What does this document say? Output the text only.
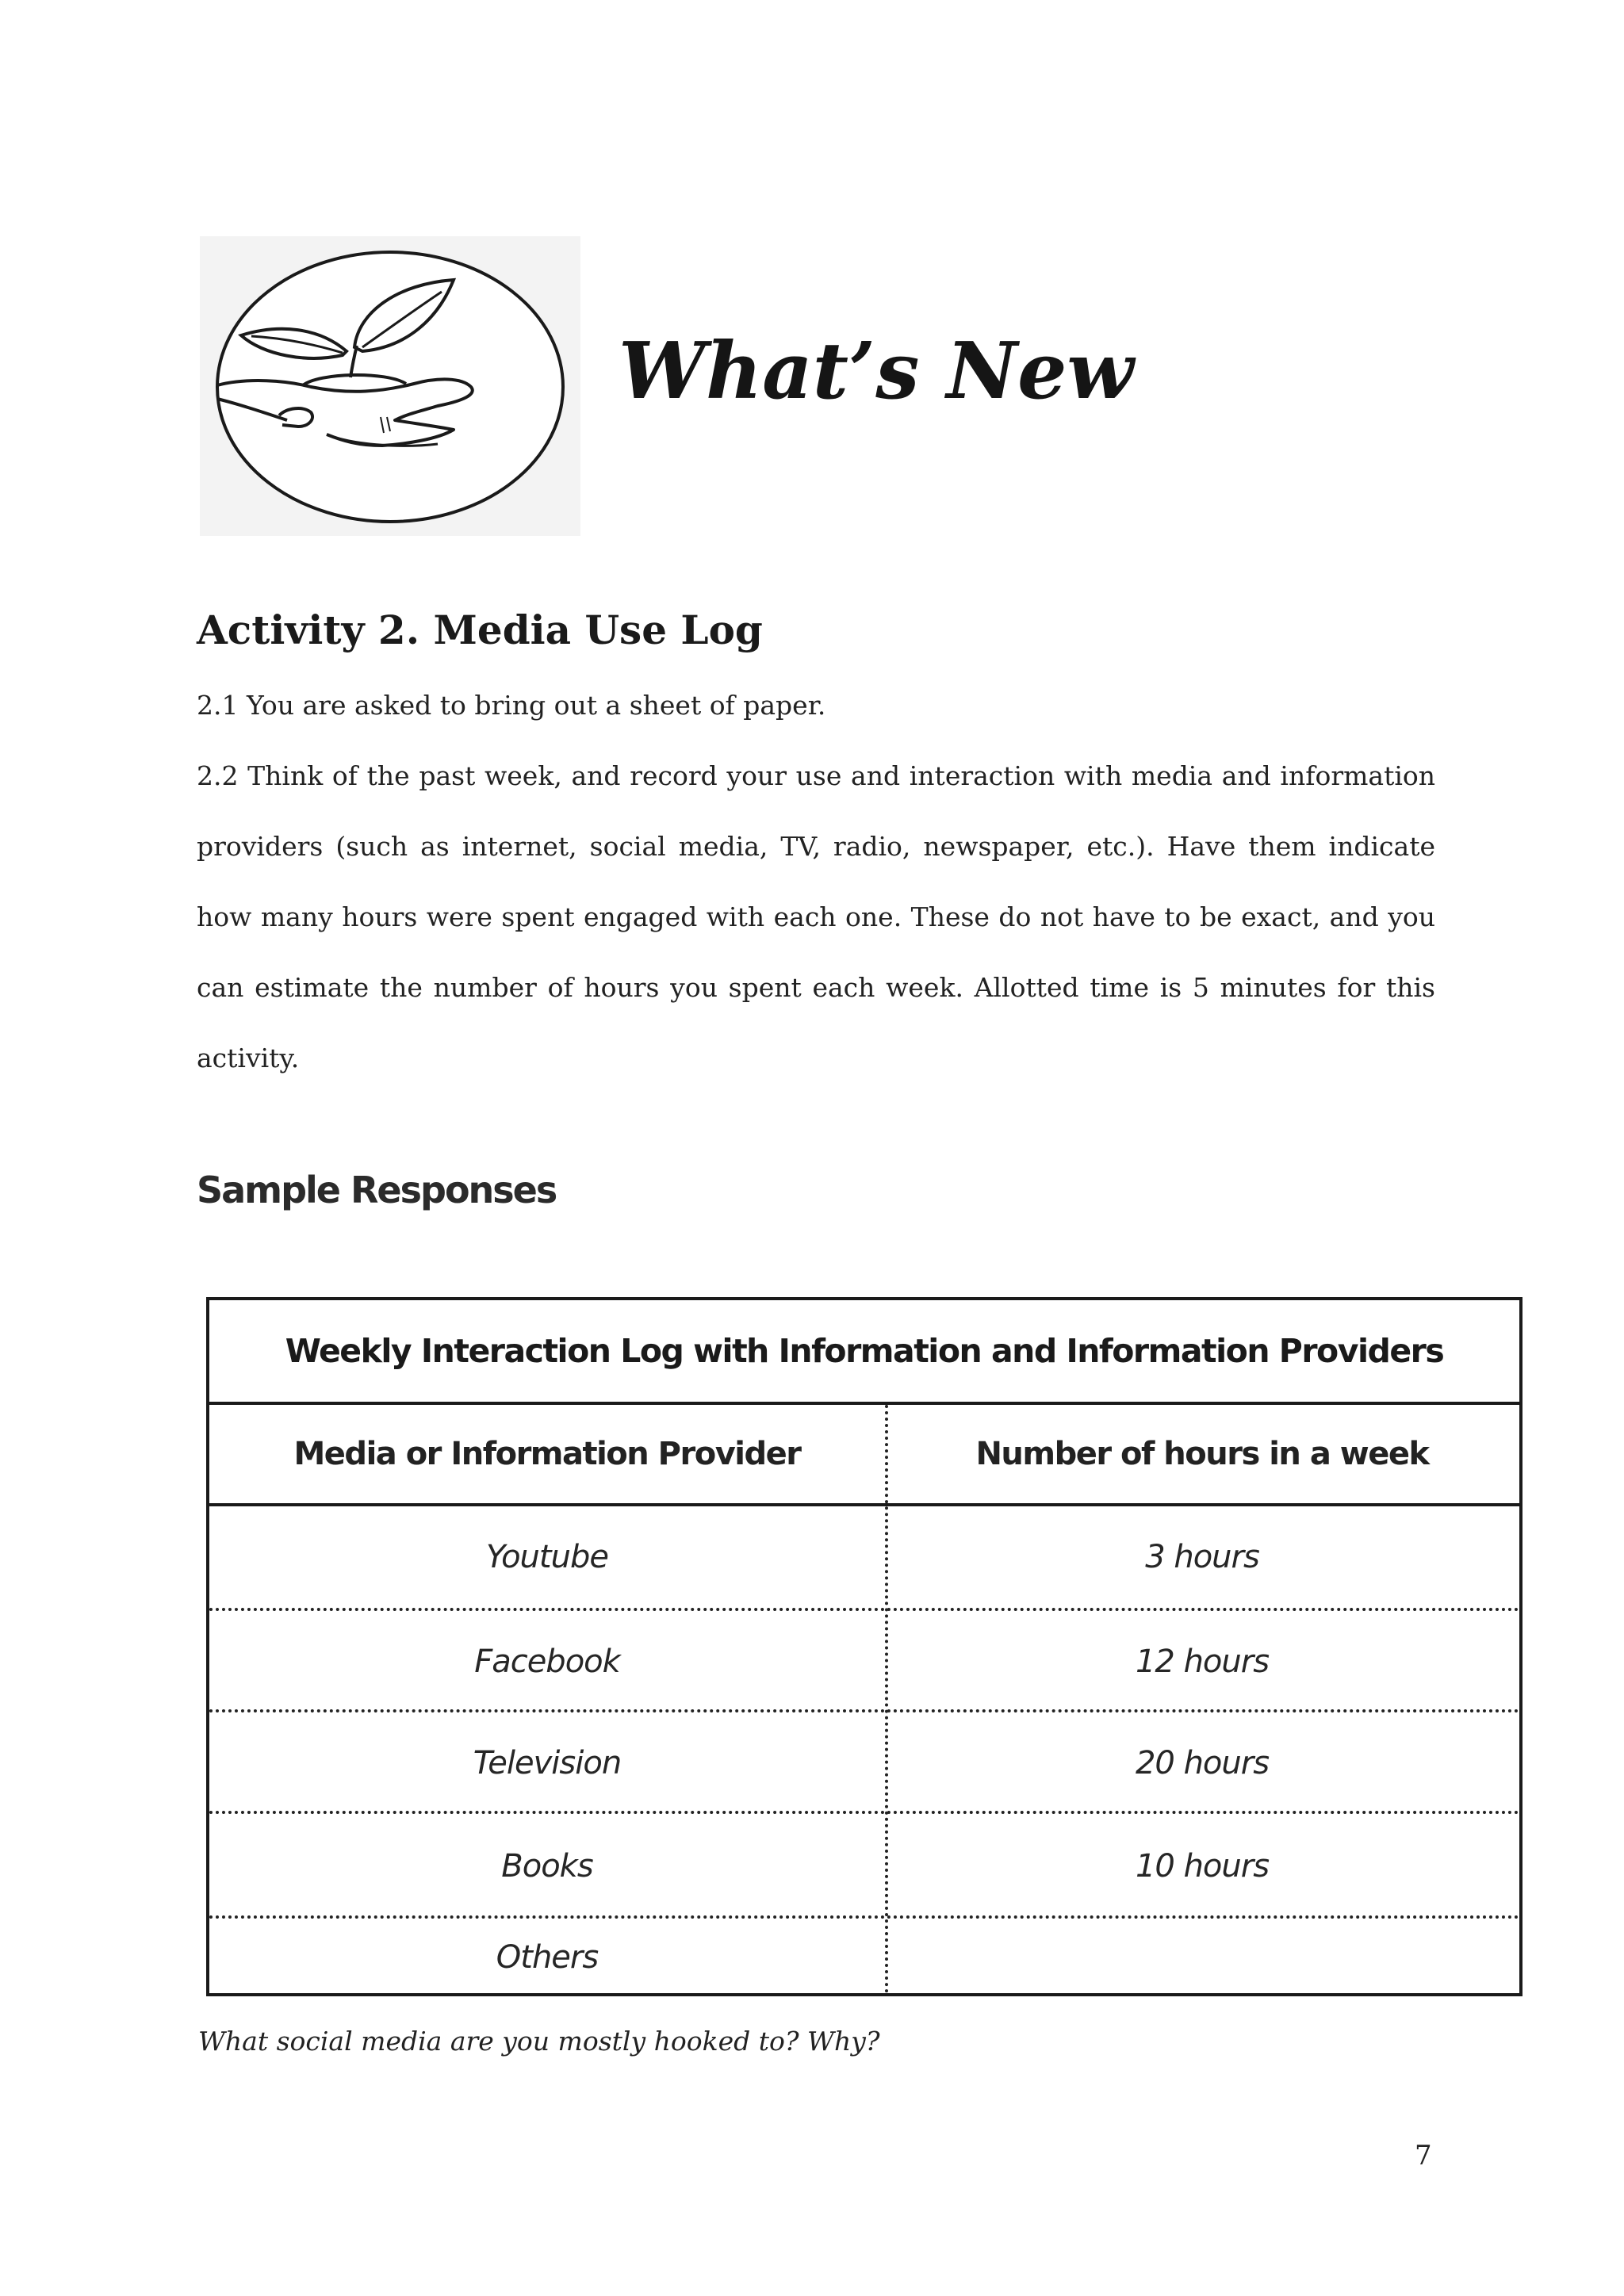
What’s New
Activity 2. Media Use Log

2.1 You are asked to bring out a sheet of paper.

2.2 Think of the past week, and record your use and interaction with media and information providers (such as internet, social media, TV, radio, newspaper, etc.). Have them indicate how many hours were spent engaged with each one. These do not have to be exact, and you can estimate the number of hours you spent each week. Allotted time is 5 minutes for this activity.

Sample Responses
Weekly Interaction Log with Information and Information Providers
Media or Information Provider	Number of hours in a week
Youtube	3 hours
Facebook	12 hours
Television	20 hours
Books	10 hours
Others

What social media are you mostly hooked to? Why?

7
